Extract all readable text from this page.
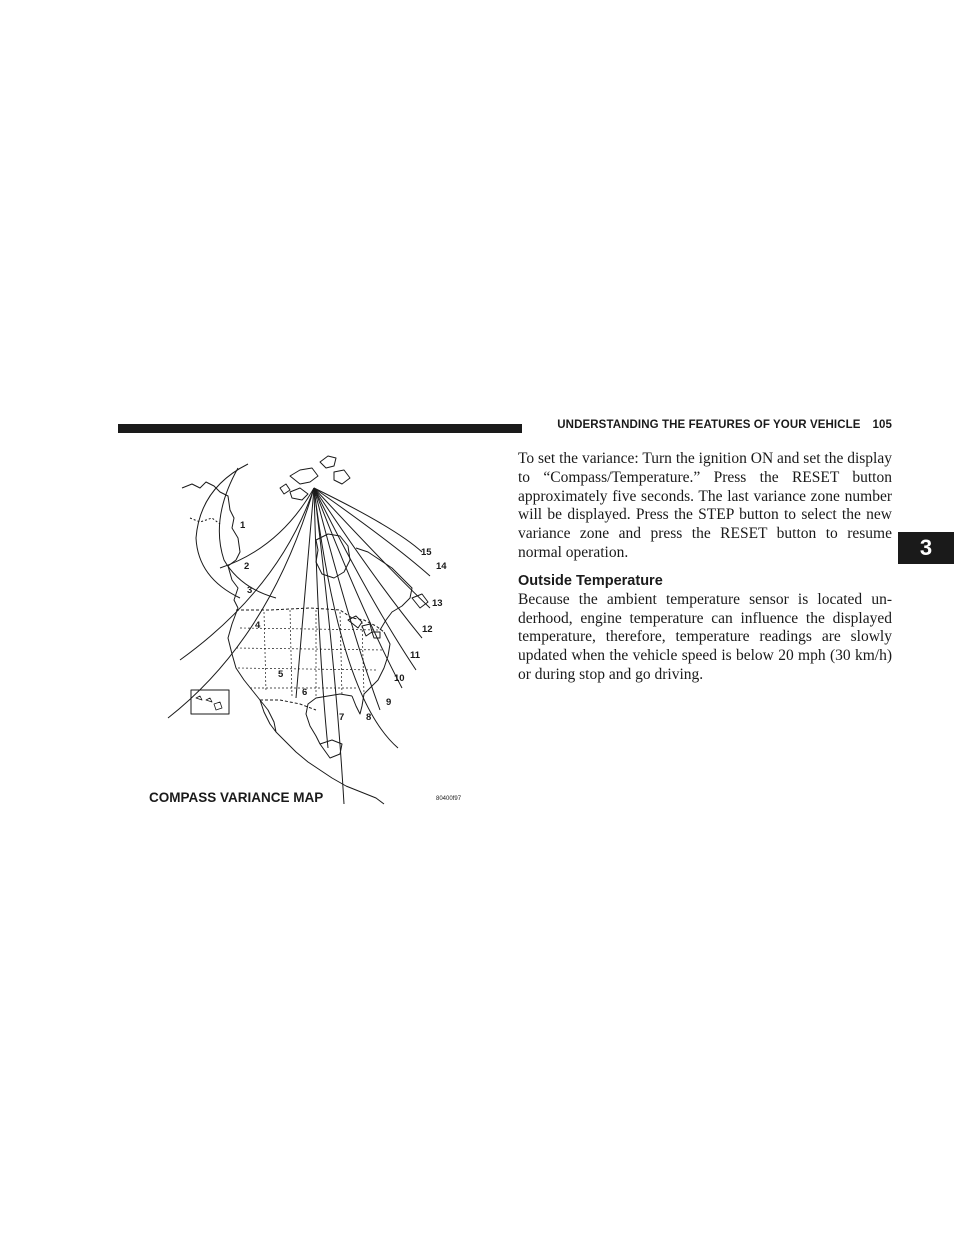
UNDERSTANDING THE FEATURES OF YOUR VEHICLE 105
3
1
2
3
4
5
6
7 8
9
10
11
12
13
14
15
COMPASS VARIANCE MAP	80400f97

To set the variance: Turn the ignition ON and set the display to “Compass/Temperature.” Press the RESET button approximately five seconds. The last variance zone number will be displayed. Press the STEP button to select the new variance zone and press the RESET button to resume normal operation.

Outside Temperature

Because the ambient temperature sensor is located underhood, engine temperature can influence the displayed temperature, therefore, temperature readings are slowly updated when the vehicle speed is below 20 mph (30 km/h) or during stop and go driving.
